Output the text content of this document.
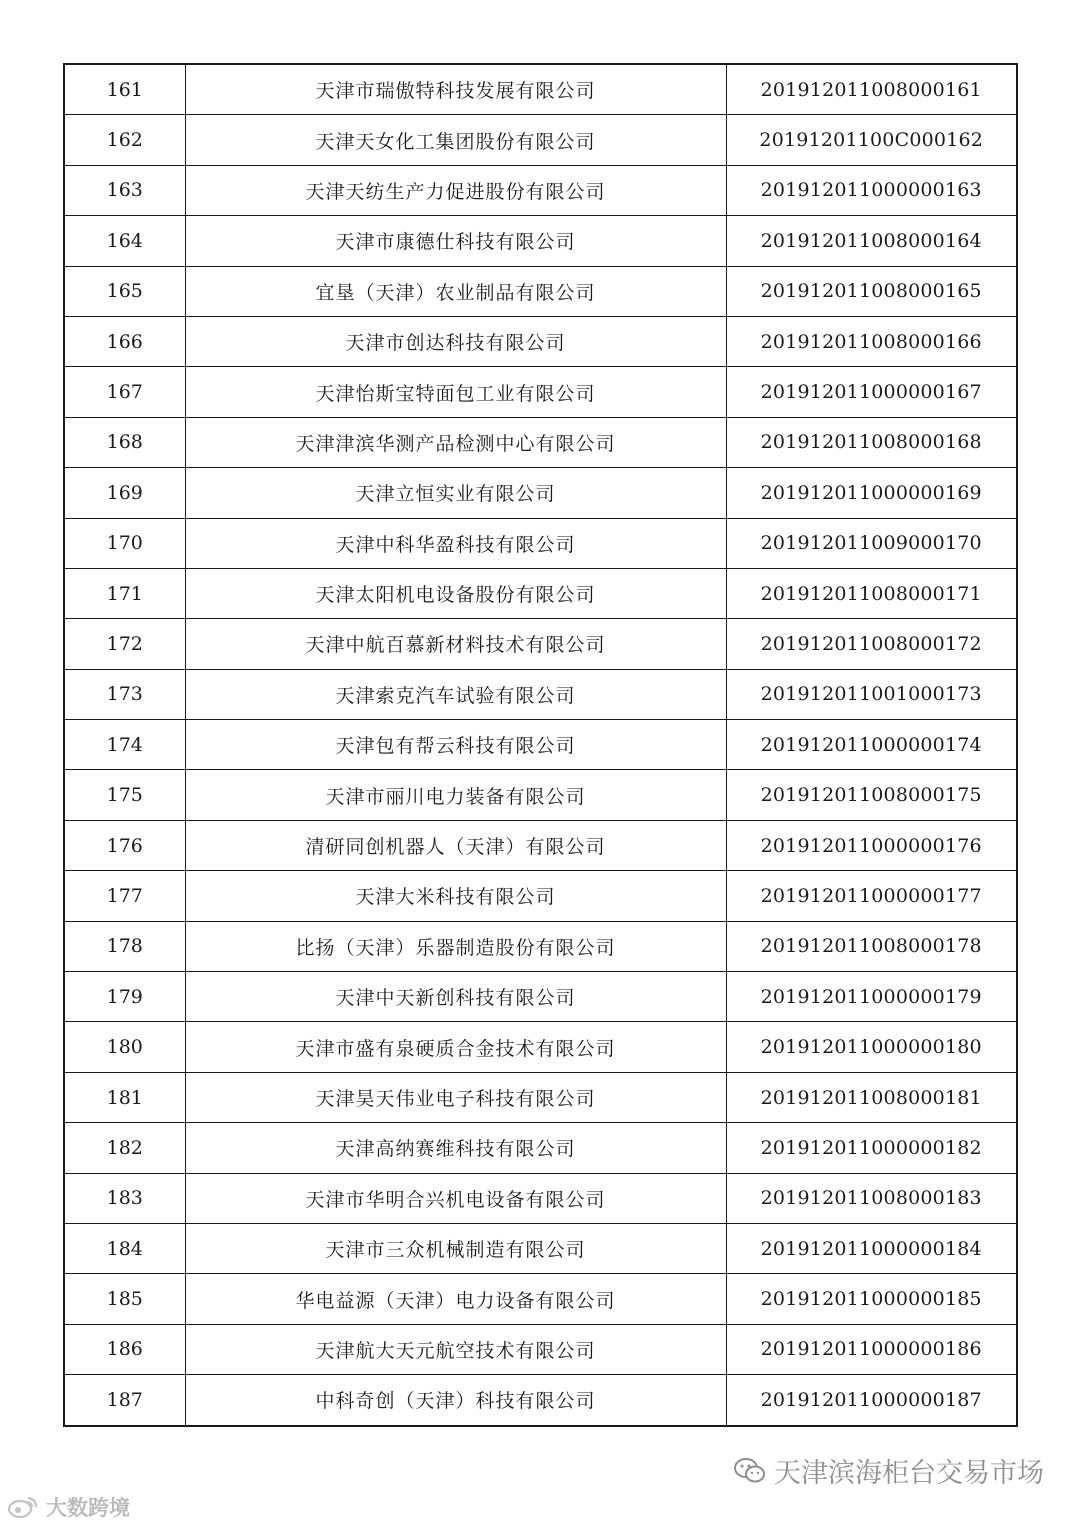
161	天津市瑞傲特科技发展有限公司	201912011008000161
162	天津天女化工集团股份有限公司	20191201100C000162
163	天津天纺生产力促进股份有限公司	201912011000000163
164	天津市康德仕科技有限公司	201912011008000164
165	宜垦（天津）农业制品有限公司	201912011008000165
166	天津市创达科技有限公司	201912011008000166
167	天津怡斯宝特面包工业有限公司	201912011000000167
168	天津津滨华测产品检测中心有限公司	201912011008000168
169	天津立恒实业有限公司	201912011000000169
170	天津中科华盈科技有限公司	201912011009000170
171	天津太阳机电设备股份有限公司	201912011008000171
172	天津中航百慕新材料技术有限公司	201912011008000172
173	天津索克汽车试验有限公司	201912011001000173
174	天津包有帮云科技有限公司	201912011000000174
175	天津市丽川电力装备有限公司	201912011008000175
176	清研同创机器人（天津）有限公司	201912011000000176
177	天津大米科技有限公司	201912011000000177
178	比扬（天津）乐器制造股份有限公司	201912011008000178
179	天津中天新创科技有限公司	201912011000000179
180	天津市盛有泉硬质合金技术有限公司	201912011000000180
181	天津昊天伟业电子科技有限公司	201912011008000181
182	天津高纳赛维科技有限公司	201912011000000182
183	天津市华明合兴机电设备有限公司	201912011008000183
184	天津市三众机械制造有限公司	201912011000000184
185	华电益源（天津）电力设备有限公司	201912011000000185
186	天津航大天元航空技术有限公司	201912011000000186
187	中科奇创（天津）科技有限公司	201912011000000187
大数跨境
天津滨海柜台交易市场
